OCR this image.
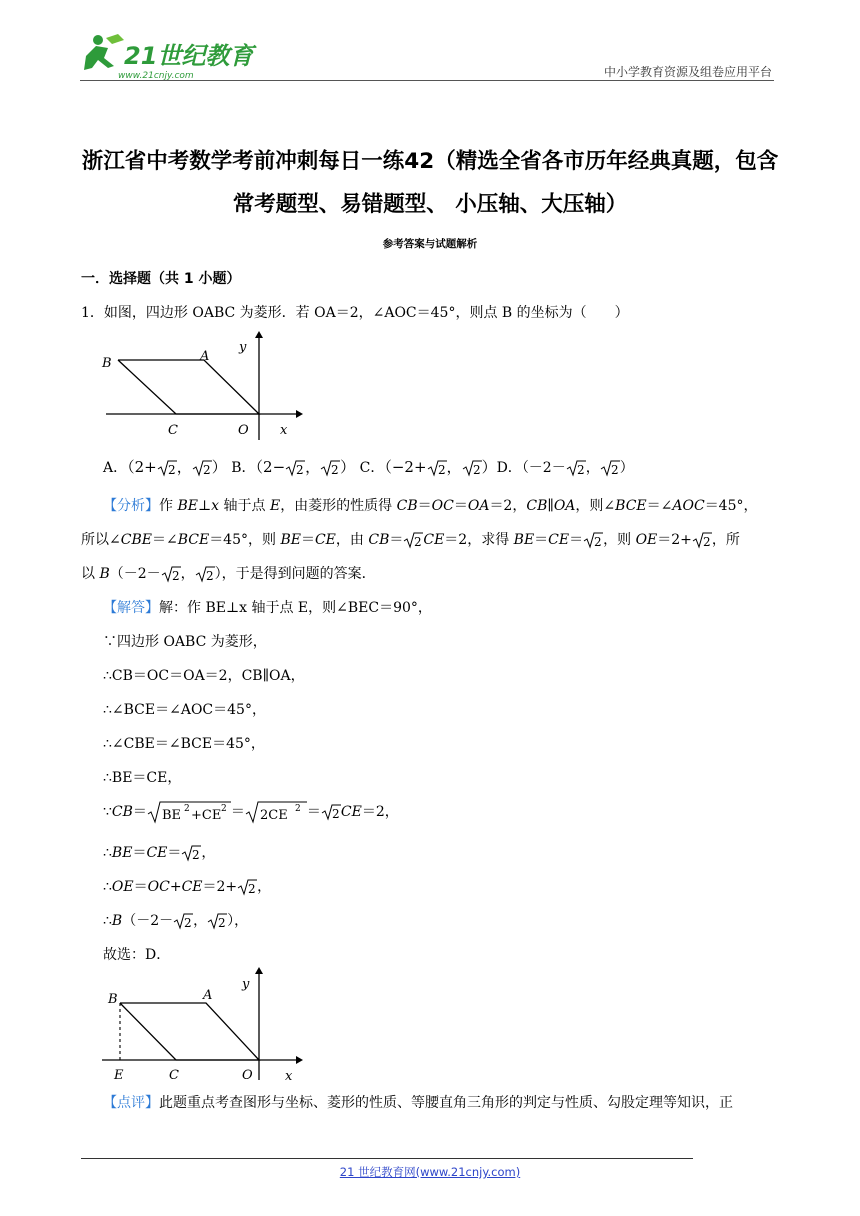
21世纪教育
www.21cnjy.com	中小学教育资源及组卷应用平台
浙江省中考数学考前冲刺每日一练42（精选全省各市历年经典真题，包含
常考题型、易错题型、 小压轴、大压轴）
参考答案与试题解析
一．选择题（共 1 小题）
1．如图，四边形 OABC 为菱形．若 OA＝2，∠AOC＝45°，则点 B 的坐标为（　　）
B	A
C	O x
y
A．（2+ 2 ， 2 ） B．（2− 2 ， 2 ） C．（−2+ 2 ， 2 ）D．（－2－ 2 ， 2 ）
【分析】作 BE⊥x 轴于点 E，由菱形的性质得 CB＝OC＝OA＝2，CB∥OA，则∠BCE＝∠AOC＝45°，
所以∠CBE＝∠BCE＝45°，则 BE＝CE，由 CB＝ 2 CE＝2，求得 BE＝CE＝ 2 ，则 OE＝2+ 2 ，所
以 B（－2－ 2 ， 2 ），于是得到问题的答案．
【解答】解：作 BE⊥x 轴于点 E，则∠BEC＝90°，
∵四边形 OABC 为菱形，
∴CB＝OC＝OA＝2，CB∥OA，
∴∠BCE＝∠AOC＝45°，
∴∠CBE＝∠BCE＝45°，
∴BE＝CE，
∵CB＝ BE 2 +CE 2 ＝ 2CE 2 ＝ 2 CE＝2，
∴BE＝CE＝ 2 ，
∴OE＝OC+CE＝2+ 2 ，
∴B（－2－ 2 ， 2 ），
故选：D．
B	A
E	C	O x
y
【点评】此题重点考查图形与坐标、菱形的性质、等腰直角三角形的判定与性质、勾股定理等知识，正
21 世纪教育网(www.21cnjy.com)
